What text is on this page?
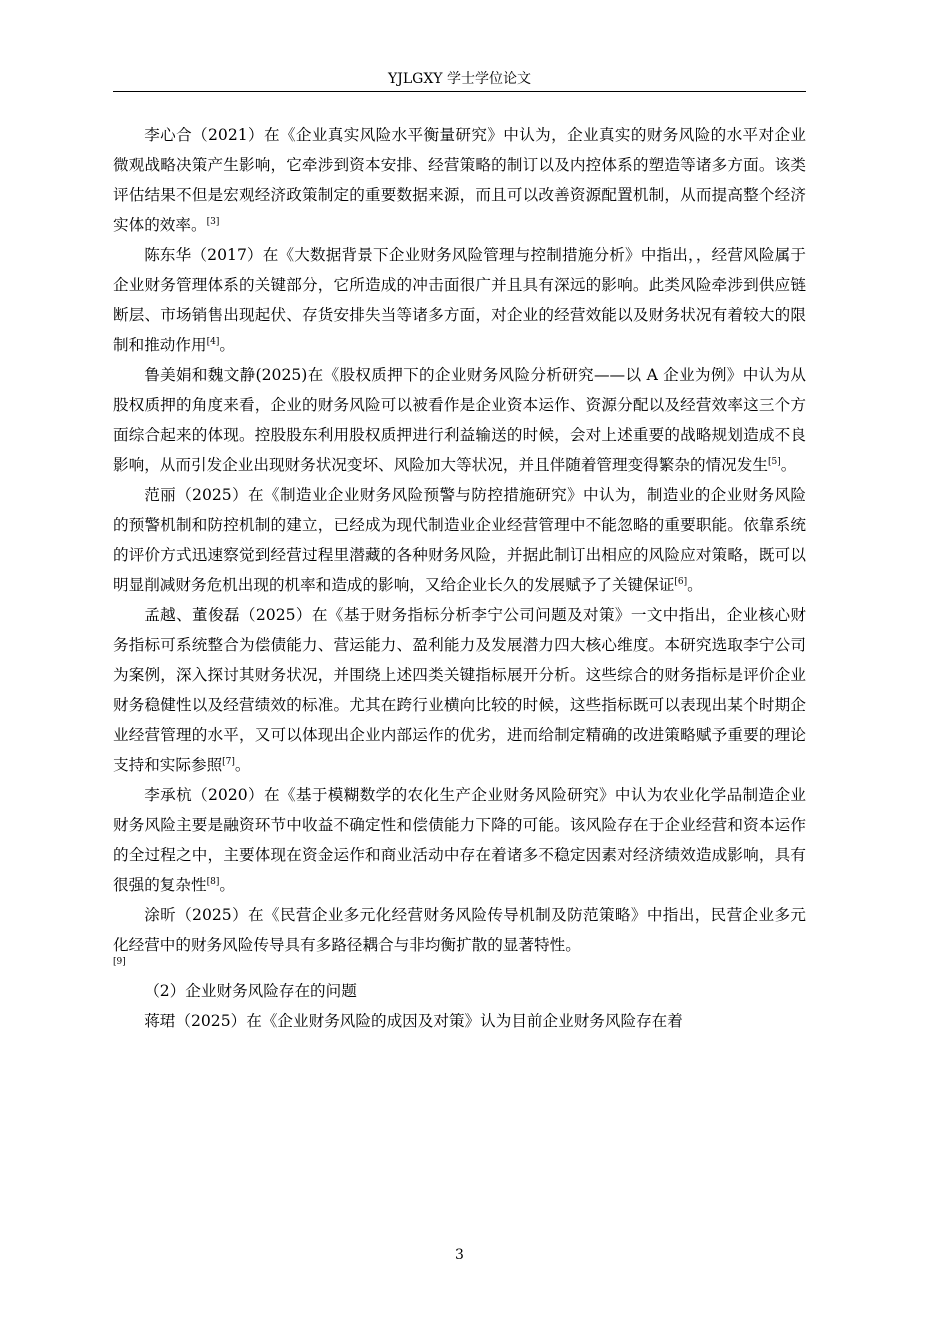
YJLGXY 学士学位论文

李心合（2021）在《企业真实风险水平衡量研究》中认为，企业真实的财务风险的水平对企业微观战略决策产生影响，它牵涉到资本安排、经营策略的制订以及内控体系的塑造等诸多方面。该类评估结果不但是宏观经济政策制定的重要数据来源，而且可以改善资源配置机制，从而提高整个经济实体的效率。[3]

陈东华（2017）在《大数据背景下企业财务风险管理与控制措施分析》中指出，，经营风险属于企业财务管理体系的关键部分，它所造成的冲击面很广并且具有深远的影响。此类风险牵涉到供应链断层、市场销售出现起伏、存货安排失当等诸多方面，对企业的经营效能以及财务状况有着较大的限制和推动作用[4]。

鲁美娟和魏文静(2025)在《股权质押下的企业财务风险分析研究——以 A 企业为例》中认为从股权质押的角度来看，企业的财务风险可以被看作是企业资本运作、资源分配以及经营效率这三个方面综合起来的体现。控股股东利用股权质押进行利益输送的时候，会对上述重要的战略规划造成不良影响，从而引发企业出现财务状况变坏、风险加大等状况，并且伴随着管理变得繁杂的情况发生[5]。

范丽（2025）在《制造业企业财务风险预警与防控措施研究》中认为，制造业的企业财务风险的预警机制和防控机制的建立，已经成为现代制造业企业经营管理中不能忽略的重要职能。依靠系统的评价方式迅速察觉到经营过程里潜藏的各种财务风险，并据此制订出相应的风险应对策略，既可以明显削减财务危机出现的机率和造成的影响，又给企业长久的发展赋予了关键保证[6]。

孟越、董俊磊（2025）在《基于财务指标分析李宁公司问题及对策》一文中指出，企业核心财务指标可系统整合为偿债能力、营运能力、盈利能力及发展潜力四大核心维度。本研究选取李宁公司为案例，深入探讨其财务状况，并围绕上述四类关键指标展开分析。这些综合的财务指标是评价企业财务稳健性以及经营绩效的标准。尤其在跨行业横向比较的时候，这些指标既可以表现出某个时期企业经营管理的水平，又可以体现出企业内部运作的优劣，进而给制定精确的改进策略赋予重要的理论支持和实际参照[7]。

李承杭（2020）在《基于模糊数学的农化生产企业财务风险研究》中认为农业化学品制造企业财务风险主要是融资环节中收益不确定性和偿债能力下降的可能。该风险存在于企业经营和资本运作的全过程之中，主要体现在资金运作和商业活动中存在着诸多不稳定因素对经济绩效造成影响，具有很强的复杂性[8]。

涂昕（2025）在《民营企业多元化经营财务风险传导机制及防范策略》中指出，民营企业多元化经营中的财务风险传导具有多路径耦合与非均衡扩散的显著特性。
[9]

（2）企业财务风险存在的问题

蒋珺（2025）在《企业财务风险的成因及对策》认为目前企业财务风险存在着

3
